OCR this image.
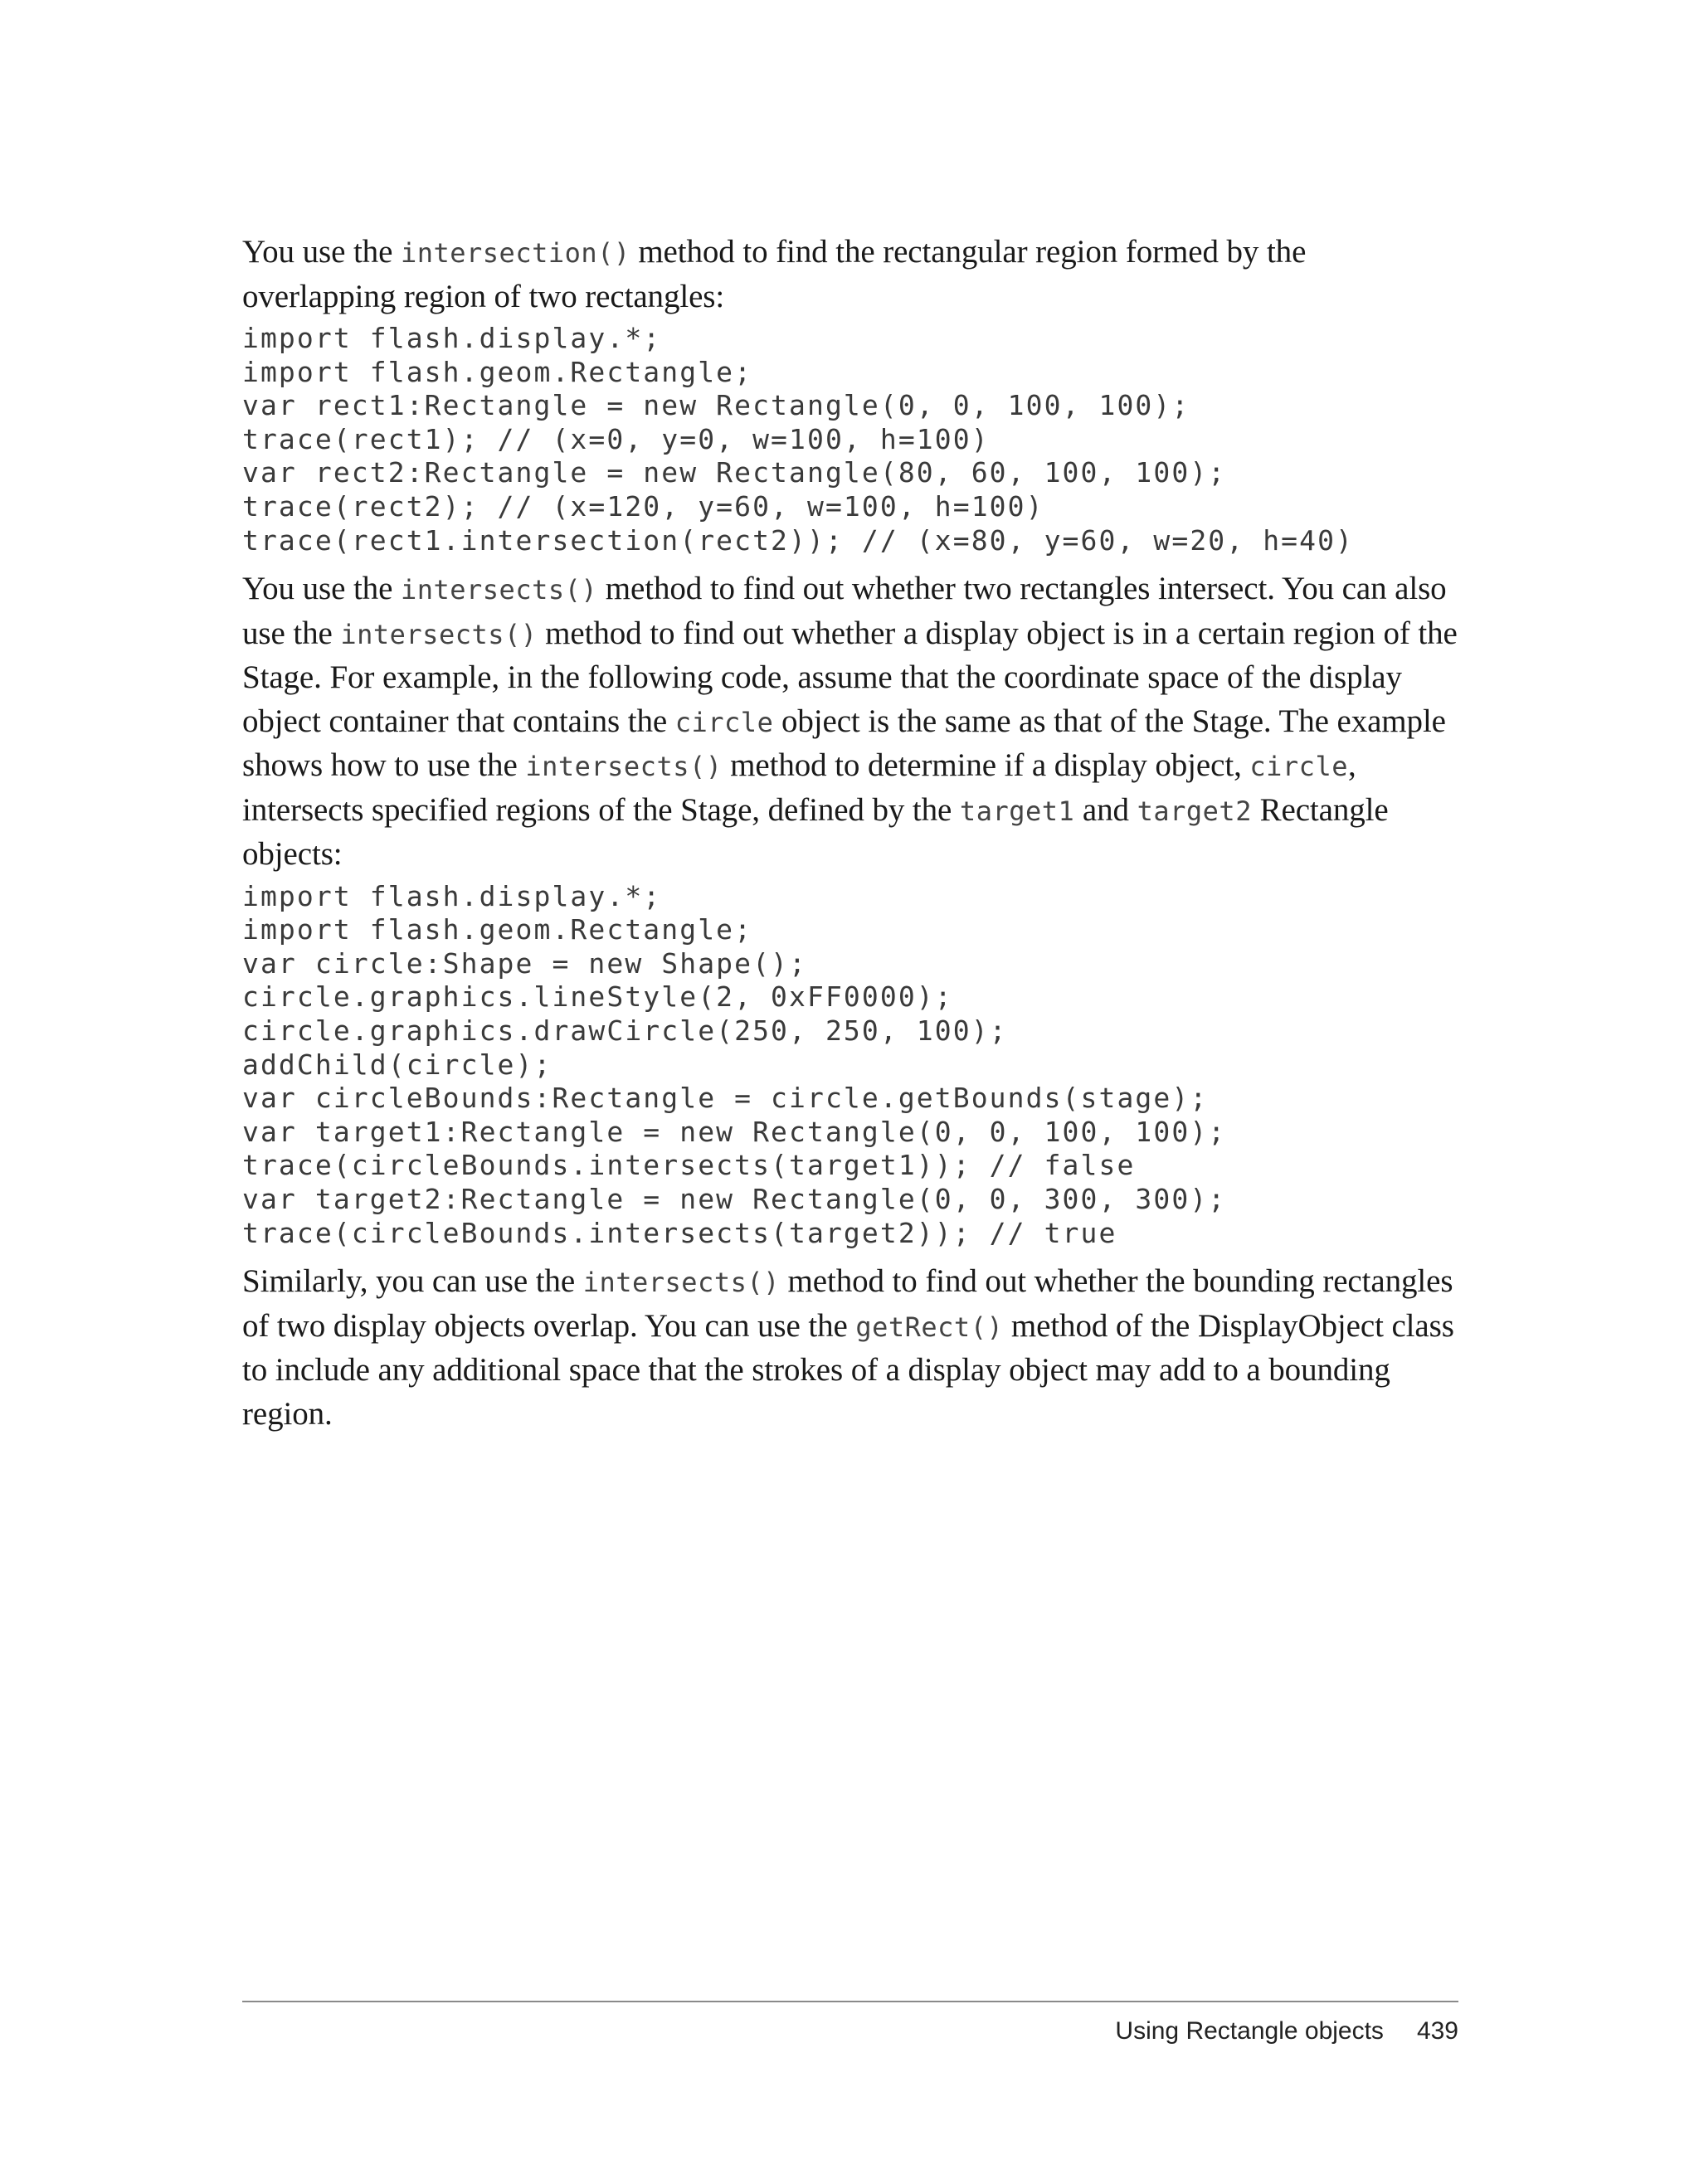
You use the intersection() method to find the rectangular region formed by the overlapping region of two rectangles:

import flash.display.*;
import flash.geom.Rectangle;
var rect1:Rectangle = new Rectangle(0, 0, 100, 100);
trace(rect1); // (x=0, y=0, w=100, h=100)
var rect2:Rectangle = new Rectangle(80, 60, 100, 100);
trace(rect2); // (x=120, y=60, w=100, h=100)
trace(rect1.intersection(rect2)); // (x=80, y=60, w=20, h=40)

You use the intersects() method to find out whether two rectangles intersect. You can also use the intersects() method to find out whether a display object is in a certain region of the Stage. For example, in the following code, assume that the coordinate space of the display object container that contains the circle object is the same as that of the Stage. The example shows how to use the intersects() method to determine if a display object, circle, intersects specified regions of the Stage, defined by the target1 and target2 Rectangle objects:

import flash.display.*;
import flash.geom.Rectangle;
var circle:Shape = new Shape();
circle.graphics.lineStyle(2, 0xFF0000);
circle.graphics.drawCircle(250, 250, 100);
addChild(circle);
var circleBounds:Rectangle = circle.getBounds(stage);
var target1:Rectangle = new Rectangle(0, 0, 100, 100);
trace(circleBounds.intersects(target1)); // false
var target2:Rectangle = new Rectangle(0, 0, 300, 300);
trace(circleBounds.intersects(target2)); // true

Similarly, you can use the intersects() method to find out whether the bounding rectangles of two display objects overlap. You can use the getRect() method of the DisplayObject class to include any additional space that the strokes of a display object may add to a bounding region.

Using Rectangle objects 439
